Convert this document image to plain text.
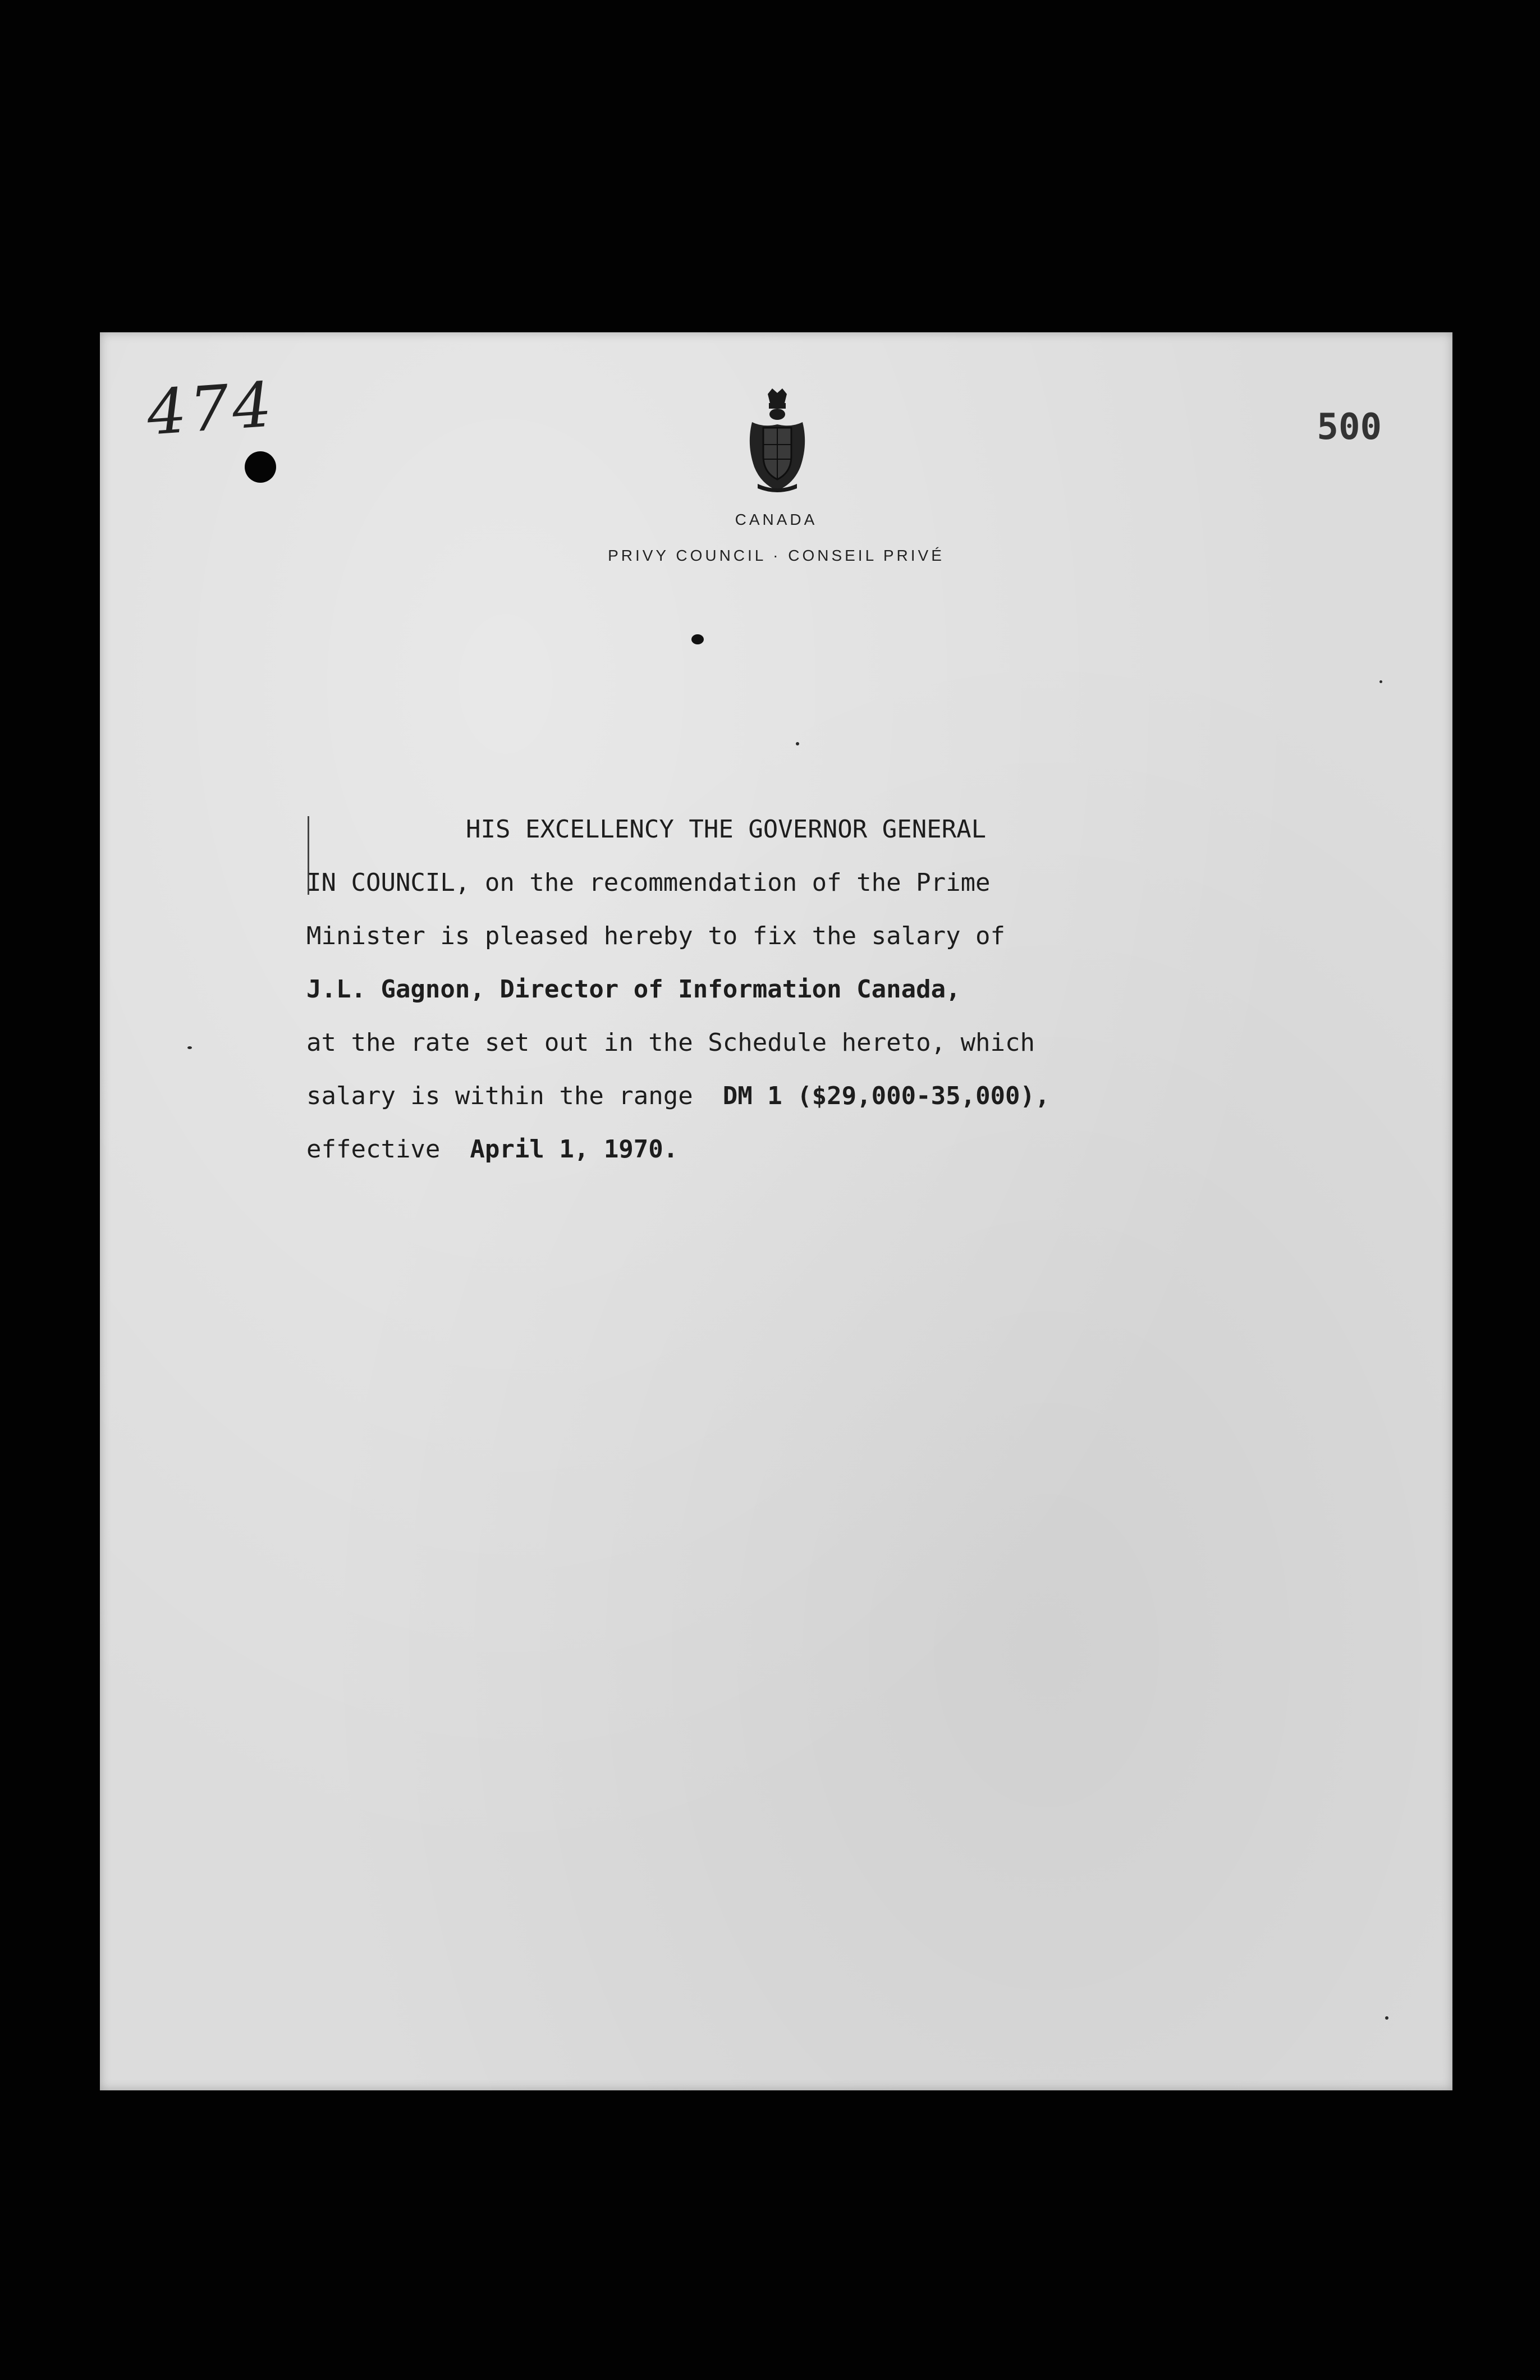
474	500
CANADA
PRIVY COUNCIL · CONSEIL PRIVÉ
HIS EXCELLENCY THE GOVERNOR GENERAL
IN COUNCIL, on the recommendation of the Prime
Minister is pleased hereby to fix the salary of
J.L. Gagnon, Director of Information Canada,
at the rate set out in the Schedule hereto, which
salary is within the range  DM 1 ($29,000-35,000),
effective  April 1, 1970.
